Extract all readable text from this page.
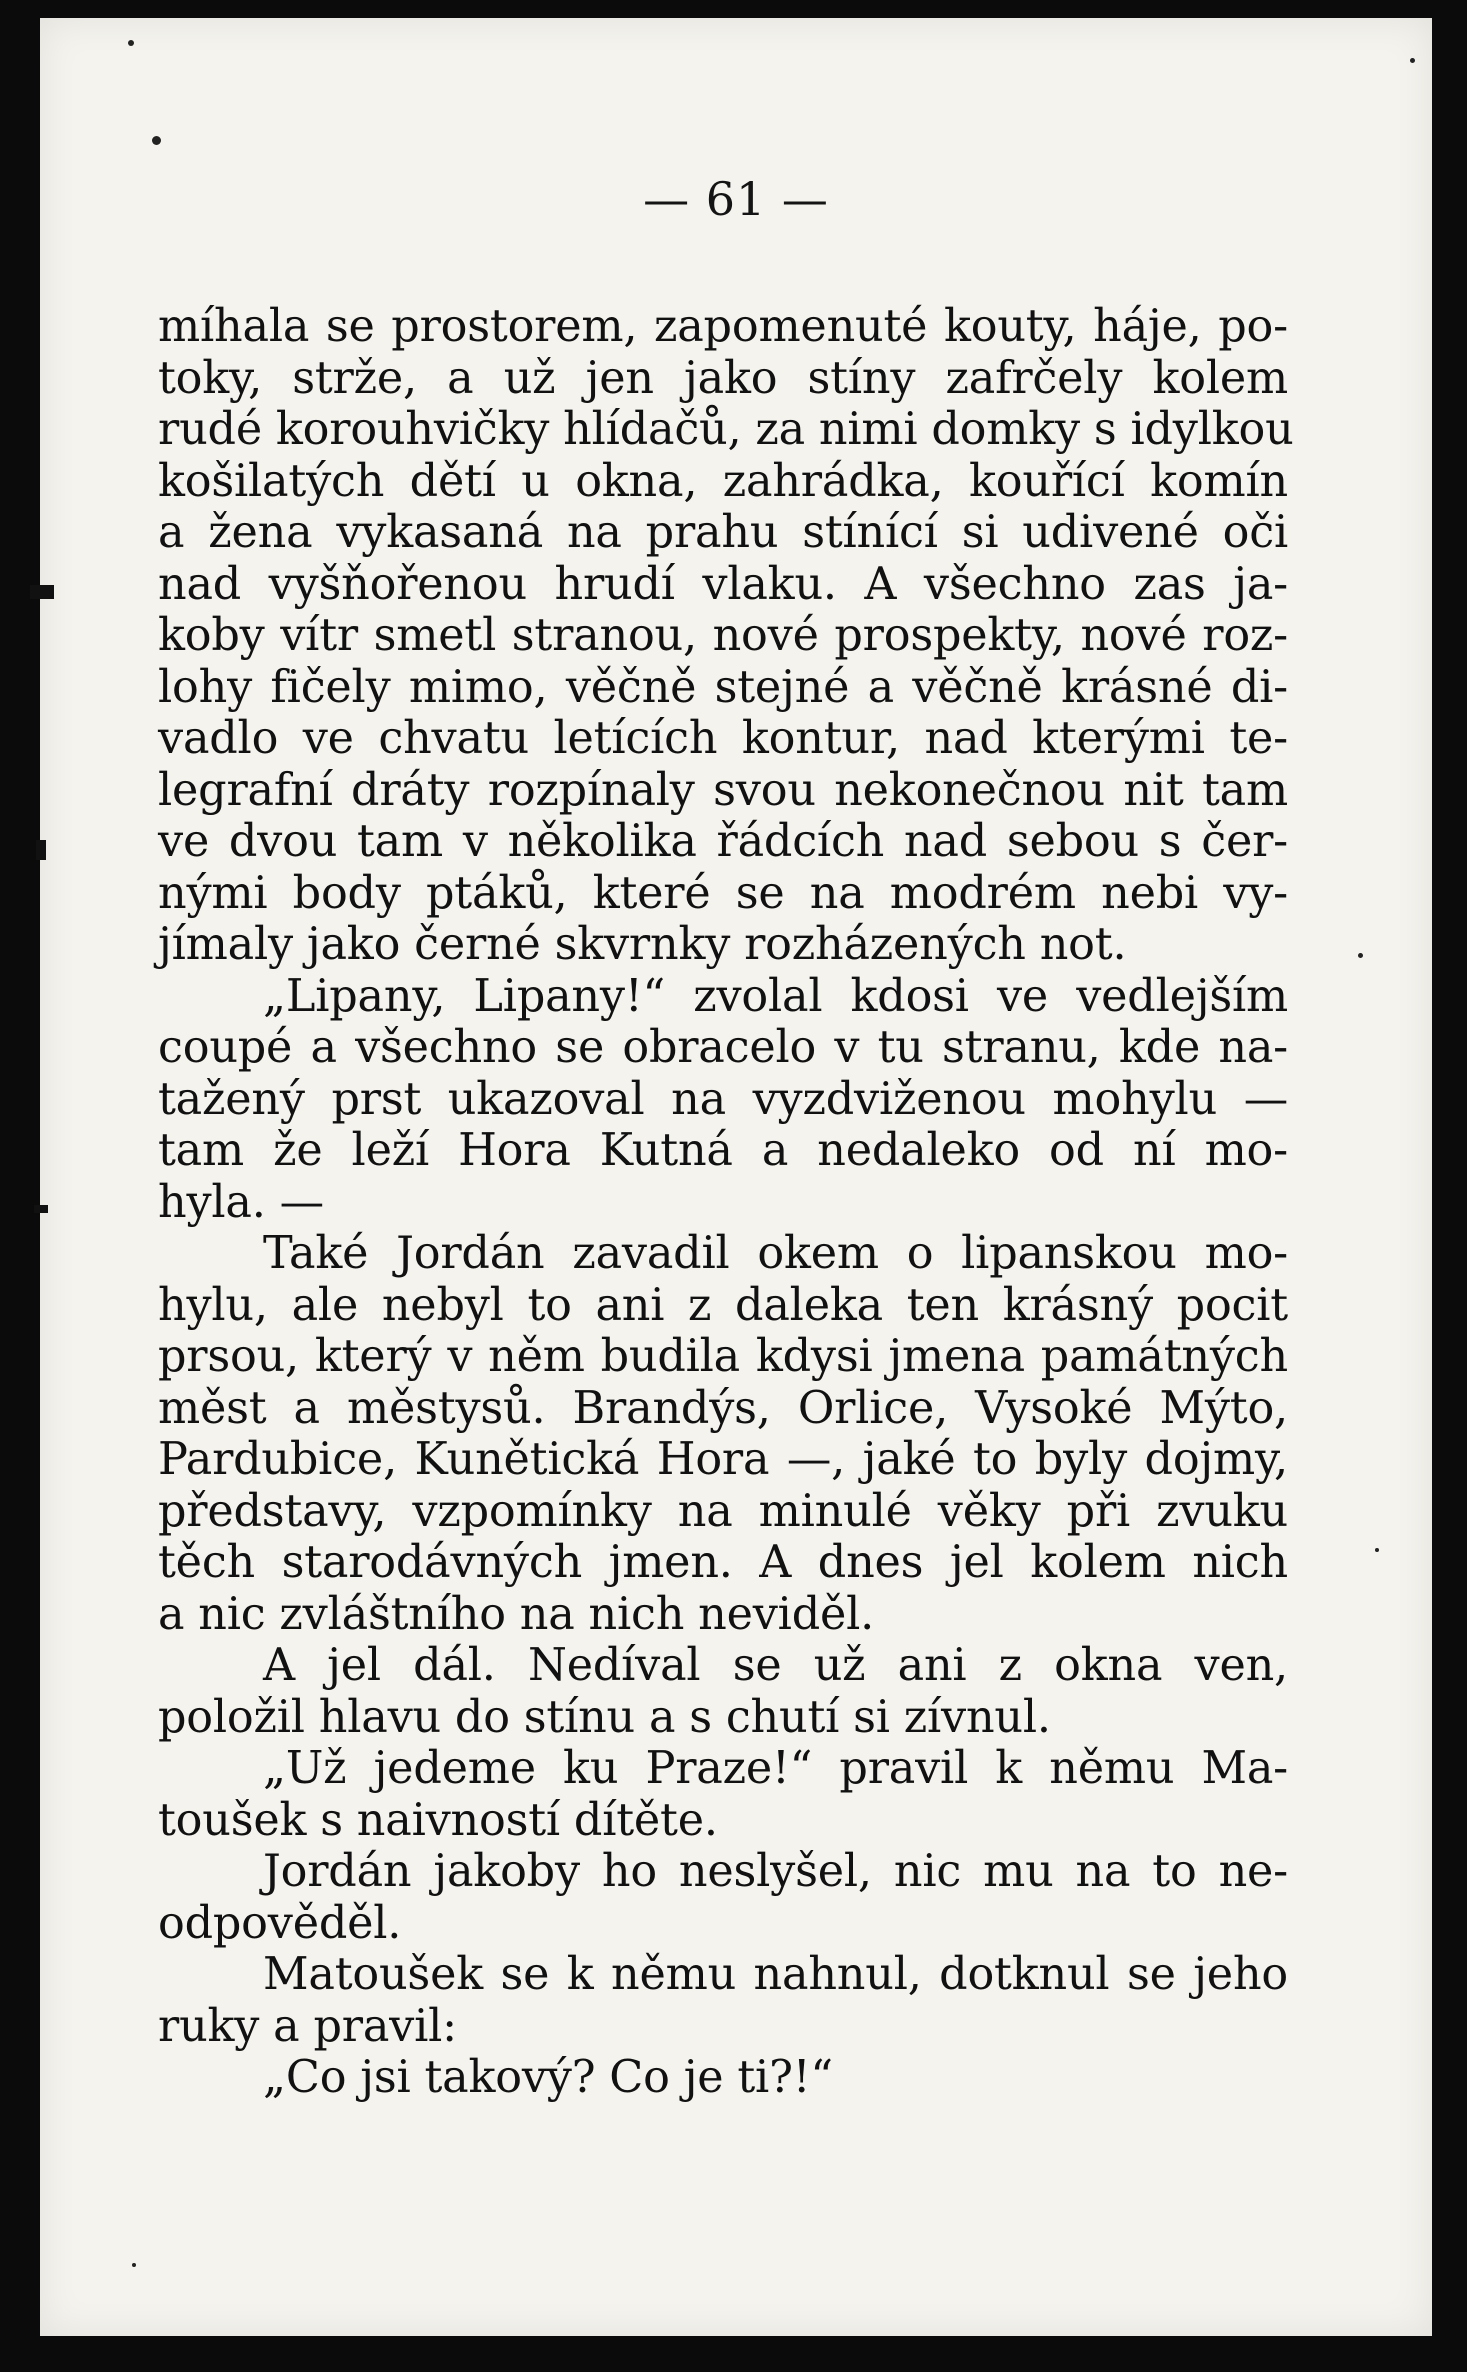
— 61 —
míhala se prostorem, zapomenuté kouty, háje, po-
toky, strže, a už jen jako stíny zafrčely kolem
rudé korouhvičky hlídačů, za nimi domky s idylkou
košilatých dětí u okna, zahrádka, kouřící komín
a žena vykasaná na prahu stínící si udivené oči
nad vyšňořenou hrudí vlaku. A všechno zas ja-
koby vítr smetl stranou, nové prospekty, nové roz-
lohy fičely mimo, věčně stejné a věčně krásné di-
vadlo ve chvatu letících kontur, nad kterými te-
legrafní dráty rozpínaly svou nekonečnou nit tam
ve dvou tam v několika řádcích nad sebou s čer-
nými body ptáků, které se na modrém nebi vy-
jímaly jako černé skvrnky rozházených not.
„Lipany, Lipany!“ zvolal kdosi ve vedlejším
coupé a všechno se obracelo v tu stranu, kde na-
tažený prst ukazoval na vyzdviženou mohylu —
tam že leží Hora Kutná a nedaleko od ní mo-
hyla. —
Také Jordán zavadil okem o lipanskou mo-
hylu, ale nebyl to ani z daleka ten krásný pocit
prsou, který v něm budila kdysi jmena památných
měst a městysů. Brandýs, Orlice, Vysoké Mýto,
Pardubice, Kunětická Hora —, jaké to byly dojmy,
představy, vzpomínky na minulé věky při zvuku
těch starodávných jmen. A dnes jel kolem nich
a nic zvláštního na nich neviděl.
A jel dál. Nedíval se už ani z okna ven,
položil hlavu do stínu a s chutí si zívnul.
„Už jedeme ku Praze!“ pravil k němu Ma-
toušek s naivností dítěte.
Jordán jakoby ho neslyšel, nic mu na to ne-
odpověděl.
Matoušek se k němu nahnul, dotknul se jeho
ruky a pravil:
„Co jsi takový? Co je ti?!“
